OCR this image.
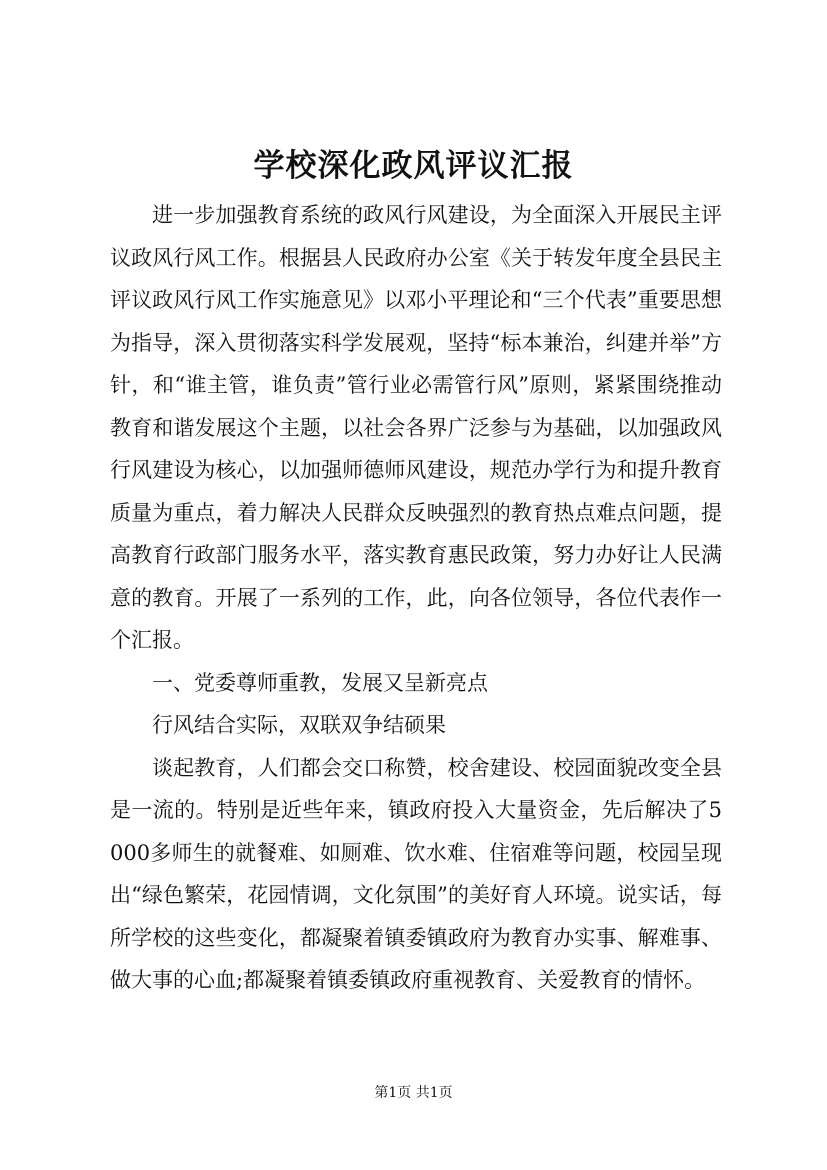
学校深化政风评议汇报

进一步加强教育系统的政风行风建设，为全面深入开展民主评议政风行风工作。根据县人民政府办公室《关于转发年度全县民主评议政风行风工作实施意见》以邓小平理论和“三个代表”重要思想为指导，深入贯彻落实科学发展观，坚持“标本兼治，纠建并举”方针，和“谁主管，谁负责”管行业必需管行风”原则，紧紧围绕推动教育和谐发展这个主题，以社会各界广泛参与为基础，以加强政风行风建设为核心，以加强师德师风建设，规范办学行为和提升教育质量为重点，着力解决人民群众反映强烈的教育热点难点问题，提高教育行政部门服务水平，落实教育惠民政策，努力办好让人民满意的教育。开展了一系列的工作，此，向各位领导，各位代表作一个汇报。

一、党委尊师重教，发展又呈新亮点

行风结合实际，双联双争结硕果

谈起教育，人们都会交口称赞，校舍建设、校园面貌改变全县是一流的。特别是近些年来，镇政府投入大量资金，先后解决了5000多师生的就餐难、如厕难、饮水难、住宿难等问题，校园呈现出“绿色繁荣，花园情调，文化氛围”的美好育人环境。说实话，每所学校的这些变化，都凝聚着镇委镇政府为教育办实事、解难事、做大事的心血;都凝聚着镇委镇政府重视教育、关爱教育的情怀。

第1页 共1页
